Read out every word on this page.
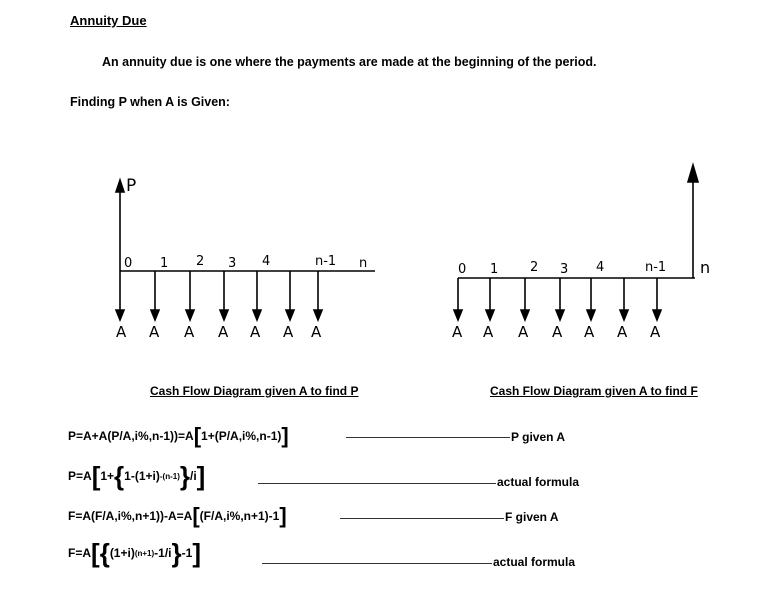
Annuity Due
An annuity due is one where the payments are made at the beginning of the period.
Finding P when A is Given:
P
0 1 2 3 4	n-1 n
A A A A A A A
0 1 2 3 4	n-1 n
A A A A A A A
Cash Flow Diagram given A to find P	Cash Flow Diagram given A to find F
P=A+A(P/A,i%,n-1))=A [ 1+(P/A,i%,n-1) ]	P given A
P=A [ 1+ { 1-(1+i) -(n-1) } /i ]	actual formula
F=A(F/A,i%,n+1))-A=A [ (F/A,i%,n+1)-1 ]	F given A
F=A [ { (1+i) (n+1) -1/i } -1 ]	actual formula
